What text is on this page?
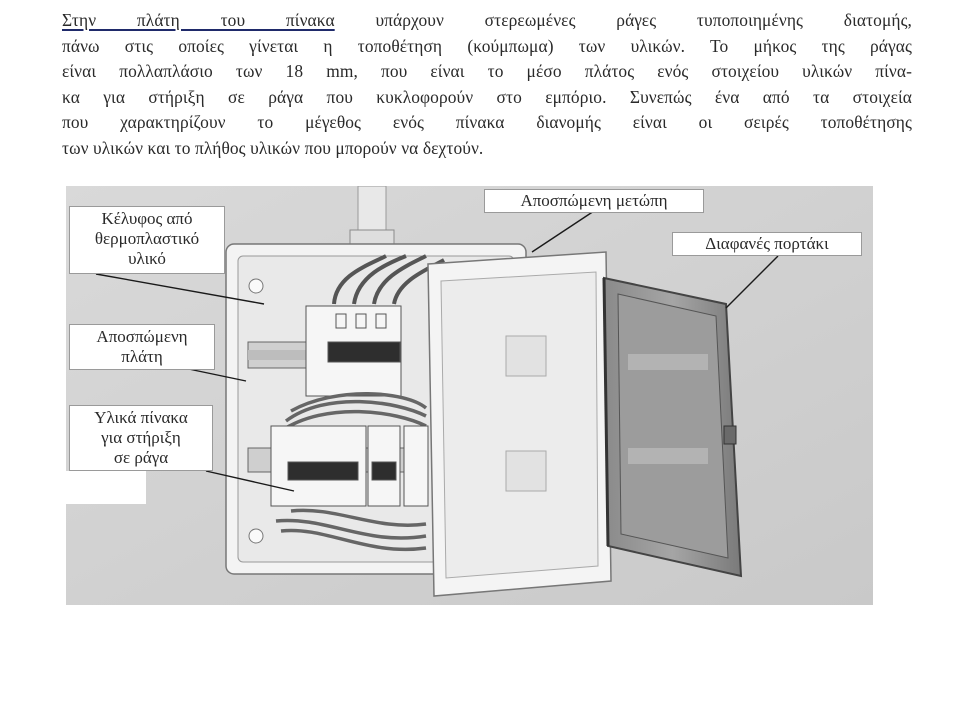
Στην πλάτη του πίνακα υπάρχουν στερεωμένες ράγες τυποποιημένης διατομής,
πάνω στις οποίες γίνεται η τοποθέτηση (κούμπωμα) των υλικών. Το μήκος της ράγας
είναι πολλαπλάσιο των 18 mm, που είναι το μέσο πλάτος ενός στοιχείου υλικών πίνα-
κα για στήριξη σε ράγα που κυκλοφορούν στο εμπόριο. Συνεπώς ένα από τα στοιχεία
που χαρακτηρίζουν το μέγεθος ενός πίνακα διανομής είναι οι σειρές τοποθέτησης
των υλικών και το πλήθος υλικών που μπορούν να δεχτούν.
Κέλυφος από
θερμοπλαστικό
υλικό
Αποσπώμενη
πλάτη
Υλικά πίνακα
για στήριξη
σε ράγα
Αποσπώμενη μετώπη
Διαφανές πορτάκι
